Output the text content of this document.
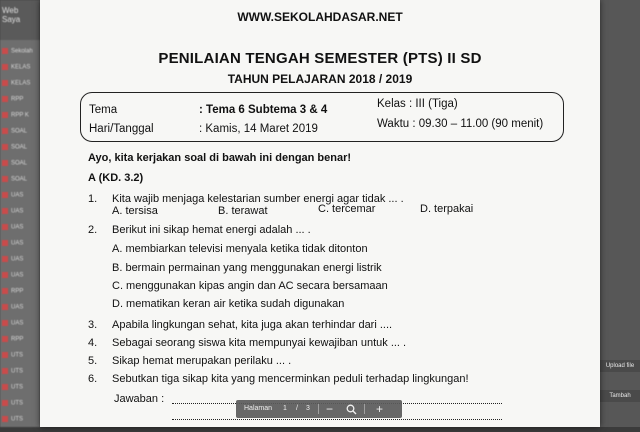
Web Saya
Sekolah
KELAS
KELAS
RPP
RPP K
SOAL
SOAL
SOAL
SOAL
UAS
UAS
UAS
UAS
UAS
UAS
RPP
UAS
UAS
RPP
UTS
UTS
UTS
UTS
UTS
Upload file
Tambah
WWW.SEKOLAHDASAR.NET
PENILAIAN TENGAH SEMESTER (PTS) II SD
TAHUN PELAJARAN 2018 / 2019
Tema	: Tema 6 Subtema 3 & 4
Hari/Tanggal	: Kamis, 14 Maret 2019
Kelas : III (Tiga)
Waktu : 09.30 – 11.00 (90 menit)
Ayo, kita kerjakan soal di bawah ini dengan benar!
A (KD. 3.2)
1. Kita wajib menjaga kelestarian sumber energi agar tidak ... .
A. tersisa	B. terawat	C. tercemar	D. terpakai
2. Berikut ini sikap hemat energi adalah ... .
A. membiarkan televisi menyala ketika tidak ditonton
B. bermain permainan yang menggunakan energi listrik
C. menggunakan kipas angin dan AC secara bersamaan
D. mematikan keran air ketika sudah digunakan
3. Apabila lingkungan sehat, kita juga akan terhindar dari ....
4. Sebagai seorang siswa kita mempunyai kewajiban untuk ... .
5. Sikap hemat merupakan perilaku ... .
6. Sebutkan tiga sikap kita yang mencerminkan peduli terhadap lingkungan!
Jawaban :
Halaman 1 / 3 −	+
